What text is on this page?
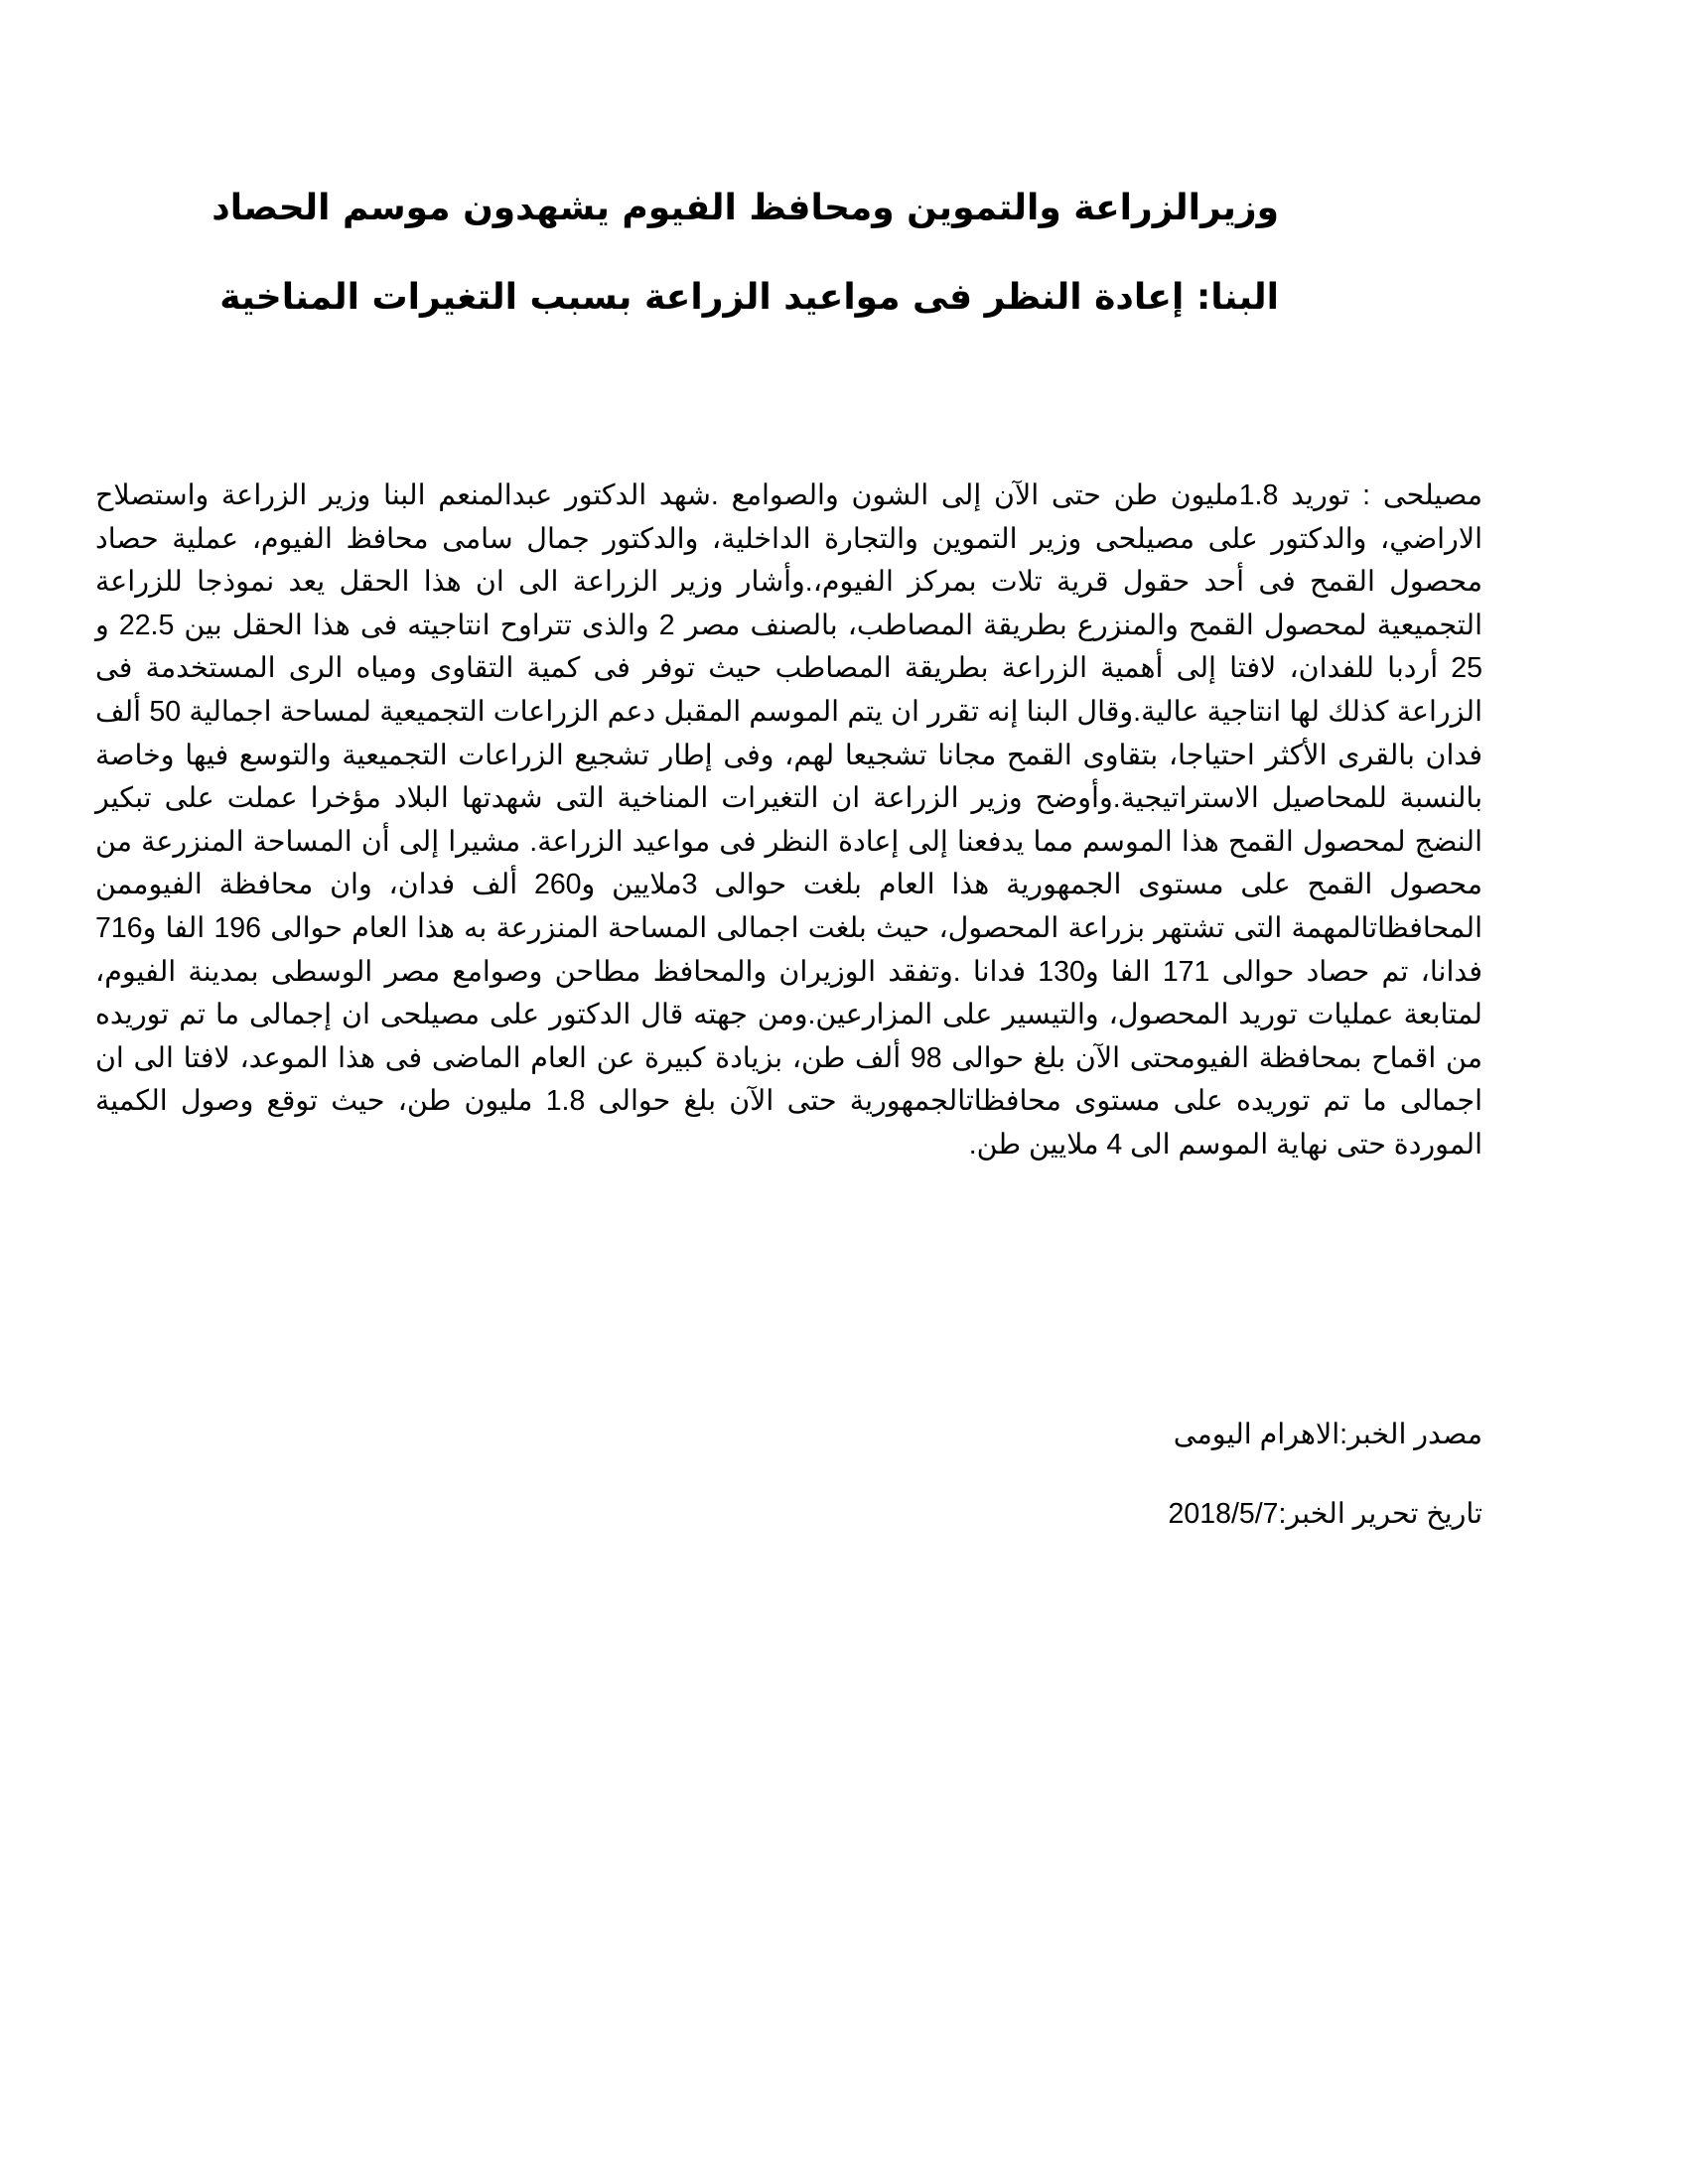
وزيرالزراعة والتموين ومحافظ الفيوم يشهدون موسم الحصاد
البنا: إعادة النظر فى مواعيد الزراعة بسبب التغيرات المناخية

مصيلحى : توريد 1.8مليون طن حتى الآن إلى الشون والصوامع .شهد الدكتور عبدالمنعم البنا وزير الزراعة واستصلاح الاراضي، والدكتور على مصيلحى وزير التموين والتجارة الداخلية، والدكتور جمال سامى محافظ الفيوم، عملية حصاد محصول القمح فى أحد حقول قرية تلات بمركز الفيوم،.وأشار وزير الزراعة الى ان هذا الحقل يعد نموذجا للزراعة التجميعية لمحصول القمح والمنزرع بطريقة المصاطب، بالصنف مصر 2 والذى تتراوح انتاجيته فى هذا الحقل بين 22.5 و 25 أردبا للفدان، لافتا إلى أهمية الزراعة بطريقة المصاطب حيث توفر فى كمية التقاوى ومياه الرى المستخدمة فى الزراعة كذلك لها انتاجية عالية.وقال البنا إنه تقرر ان يتم الموسم المقبل دعم الزراعات التجميعية لمساحة اجمالية 50 ألف فدان بالقرى الأكثر احتياجا، بتقاوى القمح مجانا تشجيعا لهم، وفى إطار تشجيع الزراعات التجميعية والتوسع فيها وخاصة بالنسبة للمحاصيل الاستراتيجية.وأوضح وزير الزراعة ان التغيرات المناخية التى شهدتها البلاد مؤخرا عملت على تبكير النضج لمحصول القمح هذا الموسم مما يدفعنا إلى إعادة النظر فى مواعيد الزراعة. مشيرا إلى أن المساحة المنزرعة من محصول القمح على مستوى الجمهورية هذا العام بلغت حوالى 3ملايين و260 ألف فدان، وان محافظة الفيوممن المحافظاتالمهمة التى تشتهر بزراعة المحصول، حيث بلغت اجمالى المساحة المنزرعة به هذا العام حوالى 196 الفا و716 فدانا، تم حصاد حوالى 171 الفا و130 فدانا .وتفقد الوزيران والمحافظ مطاحن وصوامع مصر الوسطى بمدينة الفيوم، لمتابعة عمليات توريد المحصول، والتيسير على المزارعين.ومن جهته قال الدكتور على مصيلحى ان إجمالى ما تم توريده من اقماح بمحافظة الفيومحتى الآن بلغ حوالى 98 ألف طن، بزيادة كبيرة عن العام الماضى فى هذا الموعد، لافتا الى ان اجمالى ما تم توريده على مستوى محافظاتالجمهورية حتى الآن بلغ حوالى 1.8 مليون طن، حيث توقع وصول الكمية الموردة حتى نهاية الموسم الى 4 ملايين طن.

مصدر الخبر:الاهرام اليومى

تاريخ تحرير الخبر:2018/5/7
